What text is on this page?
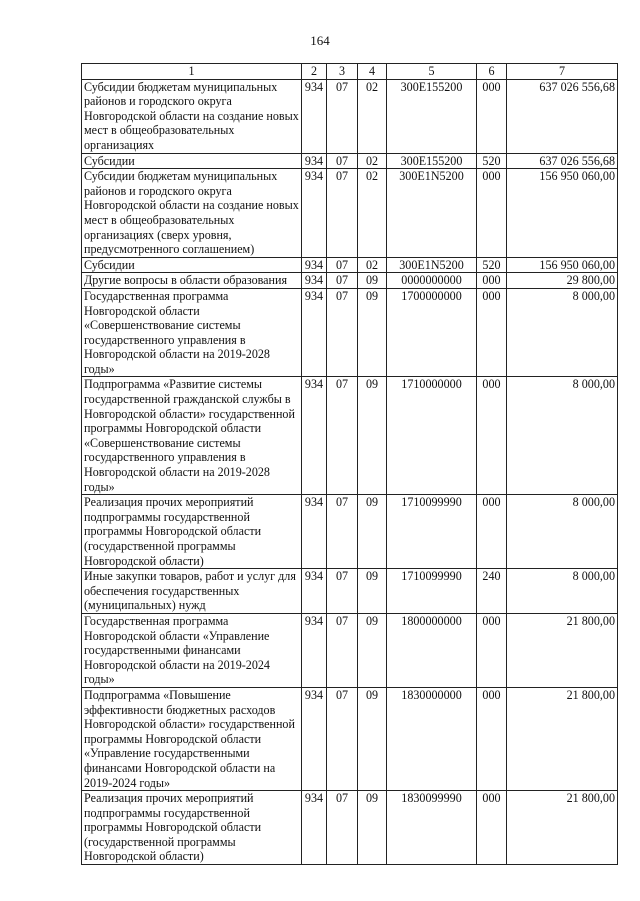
164
1	2	3	4	5	6	7
Субсидии бюджетам муниципальных районов и городского округа Новгородской области на создание новых мест в общеобразовательных организациях	934	07	02	300E155200	000	637 026 556,68
Субсидии	934	07	02	300E155200	520	637 026 556,68
Субсидии бюджетам муниципальных районов и городского округа Новгородской области на создание новых мест в общеобразовательных организациях (сверх уровня, предусмотренного соглашением)	934	07	02	300E1N5200	000	156 950 060,00
Субсидии	934	07	02	300E1N5200	520	156 950 060,00
Другие вопросы в области образования	934	07	09	0000000000	000	29 800,00
Государственная программа Новгородской области «Совершенствование системы государственного управления в Новгородской области на 2019-2028 годы»	934	07	09	1700000000	000	8 000,00
Подпрограмма «Развитие системы государственной гражданской службы в Новгородской области» государственной программы Новгородской области «Совершенствование системы государственного управления в Новгородской области на 2019-2028 годы»	934	07	09	1710000000	000	8 000,00
Реализация прочих мероприятий подпрограммы государственной программы Новгородской области (государственной программы Новгородской области)	934	07	09	1710099990	000	8 000,00
Иные закупки товаров, работ и услуг для обеспечения государственных (муниципальных) нужд	934	07	09	1710099990	240	8 000,00
Государственная программа Новгородской области «Управление государственными финансами Новгородской области на 2019-2024 годы»	934	07	09	1800000000	000	21 800,00
Подпрограмма «Повышение эффективности бюджетных расходов Новгородской области» государственной программы Новгородской области «Управление государственными финансами Новгородской области на 2019-2024 годы»	934	07	09	1830000000	000	21 800,00
Реализация прочих мероприятий подпрограммы государственной программы Новгородской области (государственной программы Новгородской области)	934	07	09	1830099990	000	21 800,00
